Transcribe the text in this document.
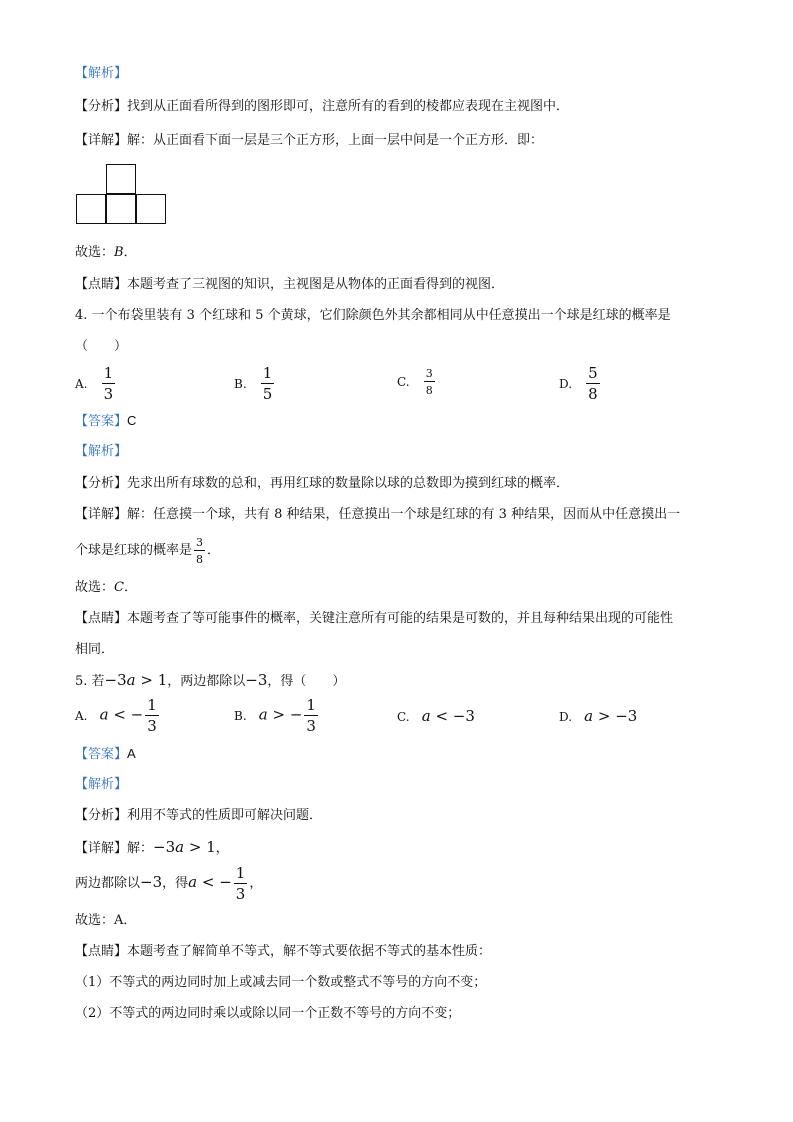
【解析】
【分析】找到从正面看所得到的图形即可，注意所有的看到的棱都应表现在主视图中．
【详解】解：从正面看下面一层是三个正方形，上面一层中间是一个正方形．即：
故选：B．
【点睛】本题考查了三视图的知识，主视图是从物体的正面看得到的视图．
4. 一个布袋里装有 3 个红球和 5 个黄球，它们除颜色外其余都相同从中任意摸出一个球是红球的概率是
（　　）
A. $\frac{1}{3}$	B. $\frac{1}{5}$	C. $\frac{3}{8}$	D. $\frac{5}{8}$
【答案】C
【解析】
【分析】先求出所有球数的总和，再用红球的数量除以球的总数即为摸到红球的概率．
【详解】解：任意摸一个球，共有 8 种结果，任意摸出一个球是红球的有 3 种结果，因而从中任意摸出一
个球是红球的概率是 $\frac{3}{8}$ ．
故选：C．
【点睛】本题考查了等可能事件的概率，关键注意所有可能的结果是可数的，并且每种结果出现的可能性
相同．
5. 若−3a > 1，两边都除以−3，得（　　）
A. a < − $\frac{1}{3}$	B. a > − $\frac{1}{3}$	C. a < −3	D. a > −3
【答案】A
【解析】
【分析】利用不等式的性质即可解决问题．
【详解】解：−3a > 1，
两边都除以−3，得a < − $\frac{1}{3}$ ，
故选：A．
【点睛】本题考查了解简单不等式，解不等式要依据不等式的基本性质：
（1）不等式的两边同时加上或减去同一个数或整式不等号的方向不变；
（2）不等式的两边同时乘以或除以同一个正数不等号的方向不变；
